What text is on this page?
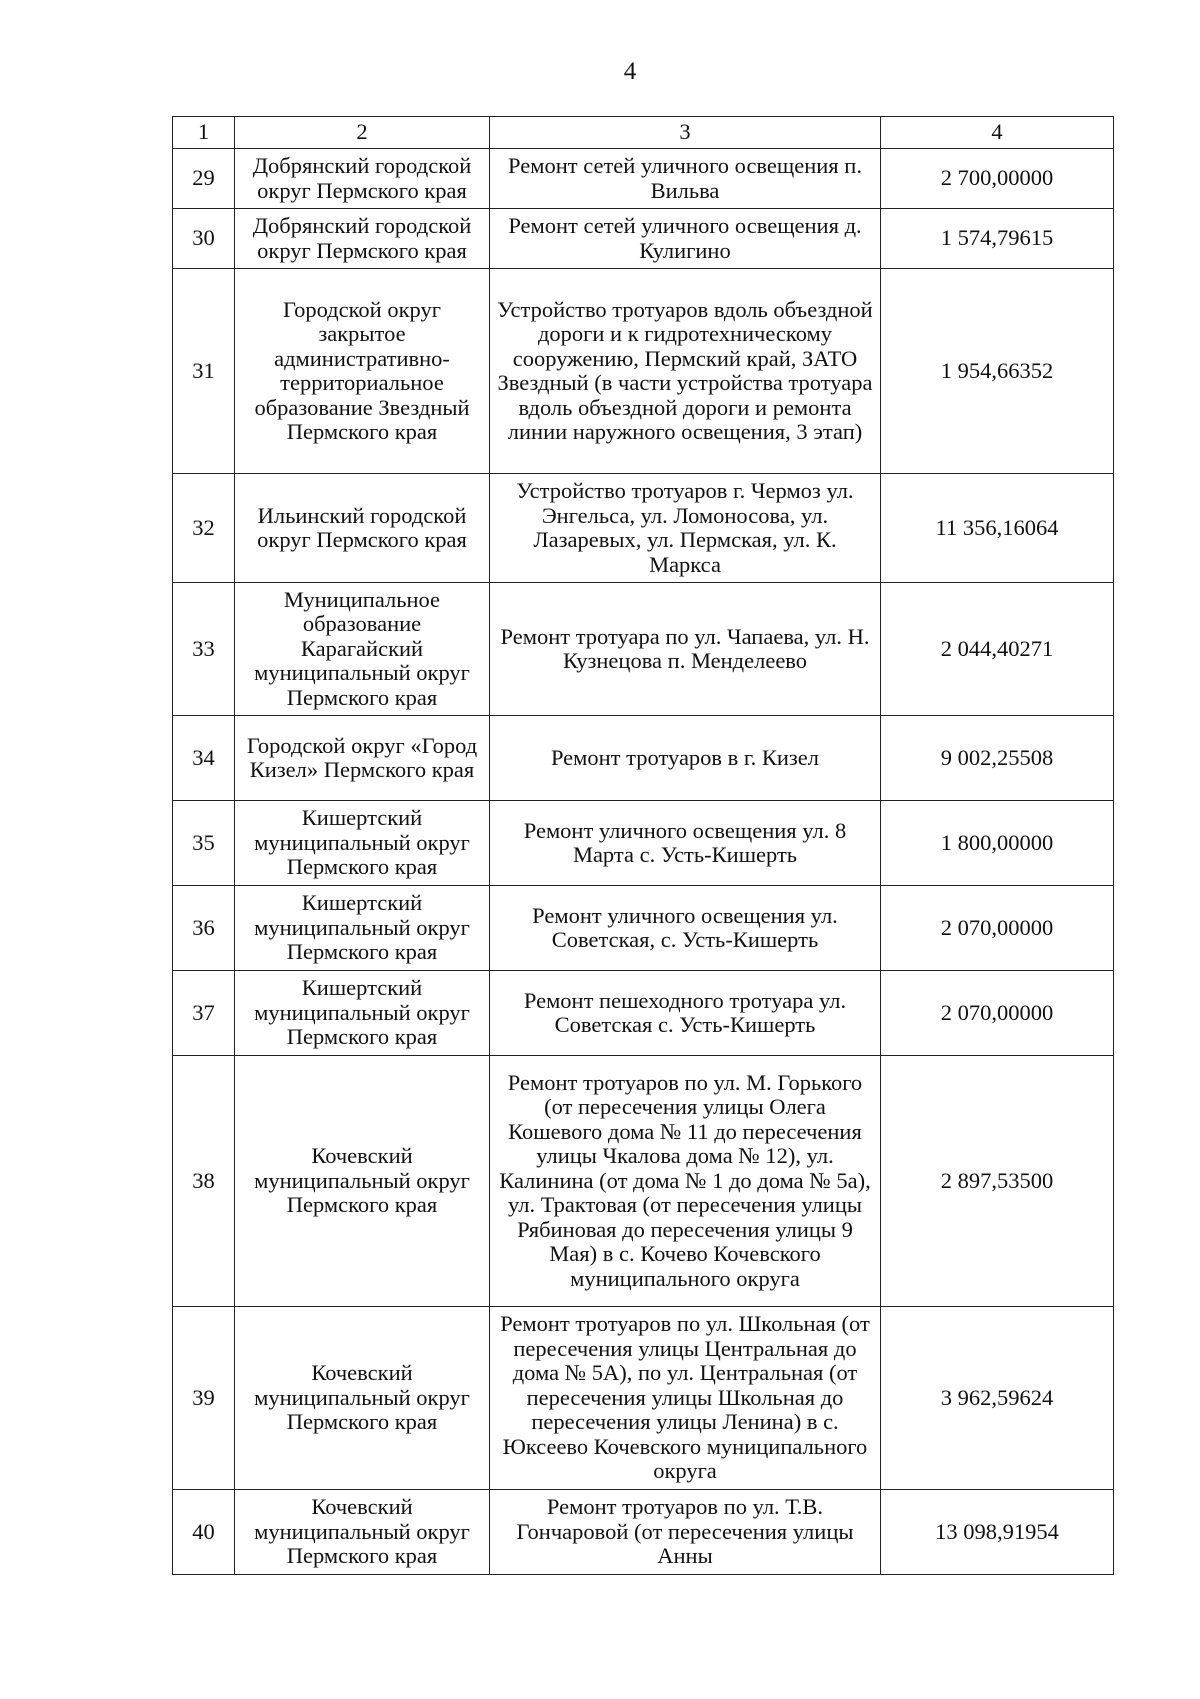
4
1	2	3	4
29	Добрянский городской округ Пермского края	Ремонт сетей уличного освещения п. Вильва	2 700,00000
30	Добрянский городской округ Пермского края	Ремонт сетей уличного освещения д. Кулигино	1 574,79615
31	Городской округ закрытое административно-территориальное образование Звездный Пермского края	Устройство тротуаров вдоль объездной дороги и к гидротехническому сооружению, Пермский край, ЗАТО Звездный (в части устройства тротуара вдоль объездной дороги и ремонта линии наружного освещения, 3 этап)	1 954,66352
32	Ильинский городской округ Пермского края	Устройство тротуаров г. Чермоз ул. Энгельса, ул. Ломоносова, ул. Лазаревых, ул. Пермская, ул. К. Маркса	11 356,16064
33	Муниципальное образование Карагайский муниципальный округ Пермского края	Ремонт тротуара по ул. Чапаева, ул. Н. Кузнецова п. Менделеево	2 044,40271
34	Городской округ «Город Кизел» Пермского края	Ремонт тротуаров в г. Кизел	9 002,25508
35	Кишертский муниципальный округ Пермского края	Ремонт уличного освещения ул. 8 Марта с. Усть-Кишерть	1 800,00000
36	Кишертский муниципальный округ Пермского края	Ремонт уличного освещения ул. Советская, с. Усть-Кишерть	2 070,00000
37	Кишертский муниципальный округ Пермского края	Ремонт пешеходного тротуара ул. Советская с. Усть-Кишерть	2 070,00000
38	Кочевский муниципальный округ Пермского края	Ремонт тротуаров по ул. М. Горького (от пересечения улицы Олега Кошевого дома № 11 до пересечения улицы Чкалова дома № 12), ул. Калинина (от дома № 1 до дома № 5а), ул. Трактовая (от пересечения улицы Рябиновая до пересечения улицы 9 Мая) в с. Кочево Кочевского муниципального округа	2 897,53500
39	Кочевский муниципальный округ Пермского края	Ремонт тротуаров по ул. Школьная (от пересечения улицы Центральная до дома № 5А), по ул. Центральная (от пересечения улицы Школьная до пересечения улицы Ленина) в с. Юксеево Кочевского муниципального округа	3 962,59624
40	Кочевский муниципальный округ Пермского края	Ремонт тротуаров по ул. Т.В. Гончаровой (от пересечения улицы Анны	13 098,91954
